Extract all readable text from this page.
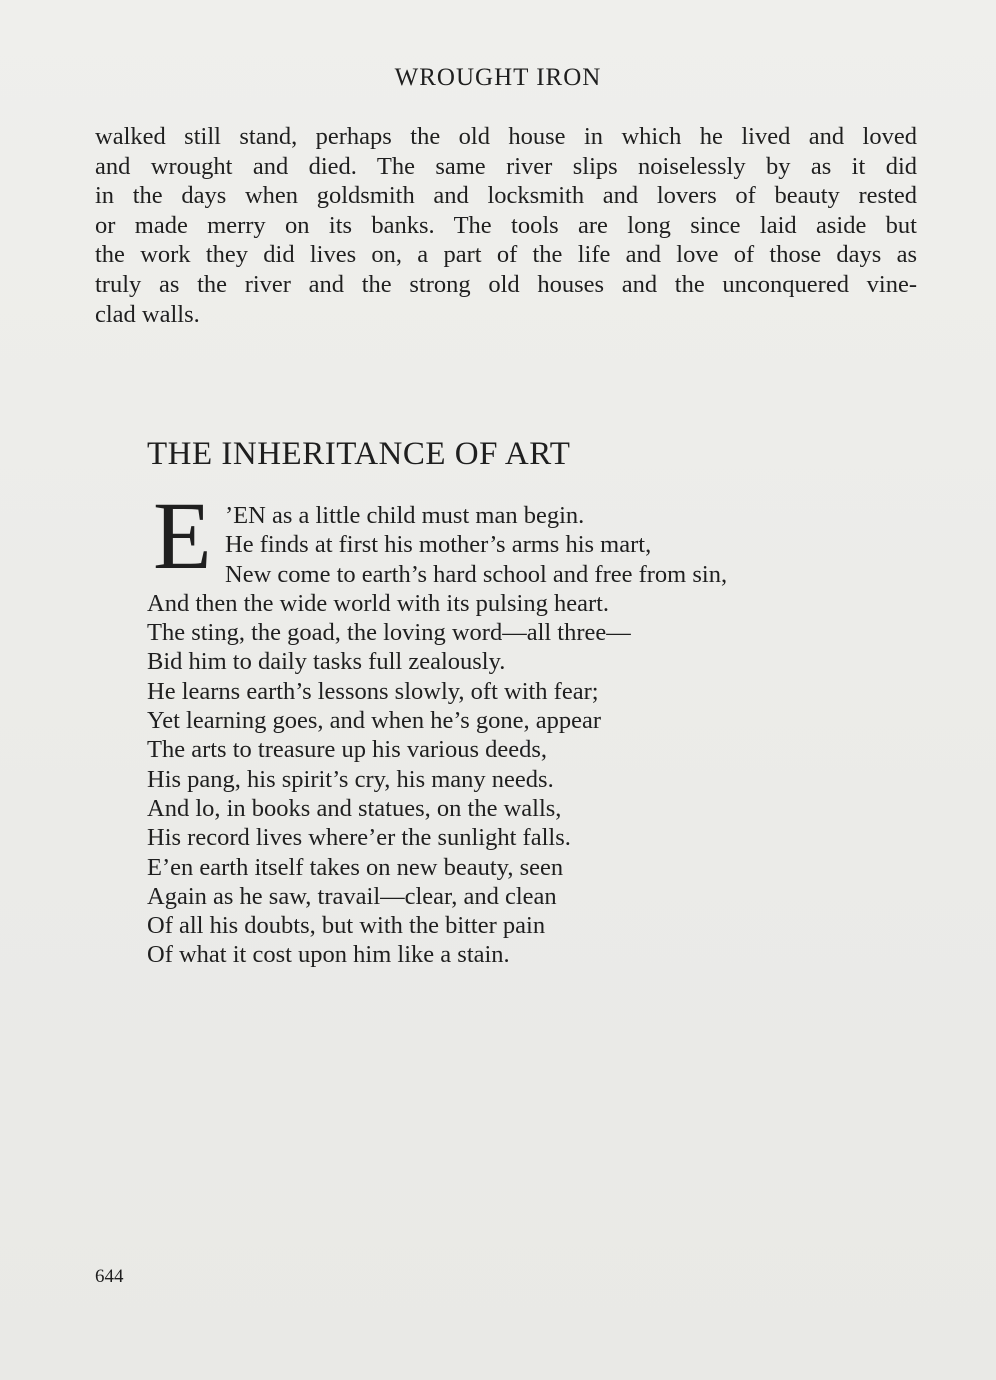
WROUGHT IRON
walked still stand, perhaps the old house in which he lived and loved
and wrought and died. The same river slips noiselessly by as it did
in the days when goldsmith and locksmith and lovers of beauty rested
or made merry on its banks. The tools are long since laid aside but
the work they did lives on, a part of the life and love of those days as
truly as the river and the strong old houses and the unconquered vine-
clad walls.
THE INHERITANCE OF ART
E ’EN as a little child must man begin.
He finds at first his mother’s arms his mart,
New come to earth’s hard school and free from sin,
And then the wide world with its pulsing heart.
The sting, the goad, the loving word—all three—
Bid him to daily tasks full zealously.
He learns earth’s lessons slowly, oft with fear;
Yet learning goes, and when he’s gone, appear
The arts to treasure up his various deeds,
His pang, his spirit’s cry, his many needs.
And lo, in books and statues, on the walls,
His record lives where’er the sunlight falls.
E’en earth itself takes on new beauty, seen
Again as he saw, travail—clear, and clean
Of all his doubts, but with the bitter pain
Of what it cost upon him like a stain.
644
